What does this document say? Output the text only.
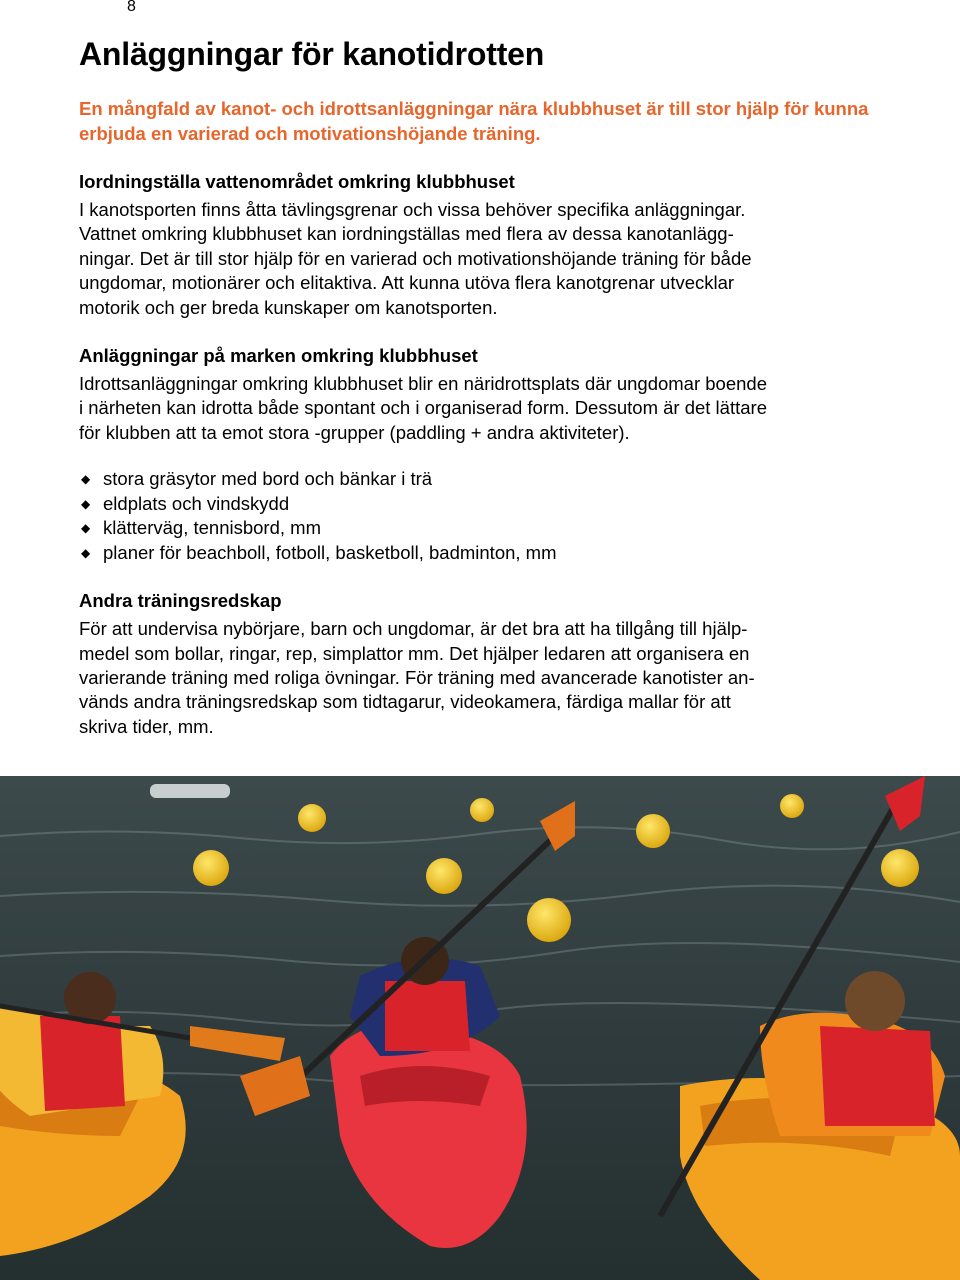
8
Anläggningar för kanotidrotten

En mångfald av kanot- och idrottsanläggningar nära klubbhuset är till stor hjälp för kunna erbjuda en varierad och motivationshöjande träning.

Iordningställa vattenområdet omkring klubbhuset

I kanotsporten finns åtta tävlingsgrenar och vissa behöver specifika anläggningar.
Vattnet omkring klubbhuset kan iordningställas med flera av dessa kanotanlägg-
ningar. Det är till stor hjälp för en varierad och motivationshöjande träning för både
ungdomar, motionärer och elitaktiva. Att kunna utöva flera kanotgrenar utvecklar
motorik och ger breda kunskaper om kanotsporten.

Anläggningar på marken omkring klubbhuset

Idrottsanläggningar omkring klubbhuset blir en näridrottsplats där ungdomar boende
i närheten kan idrotta både spontant och i organiserad form. Dessutom är det lättare
för klubben att ta emot stora -grupper (paddling + andra aktiviteter).

◆ stora gräsytor med bord och bänkar i trä
◆ eldplats och vindskydd
◆ klätterväg, tennisbord, mm
◆ planer för beachboll, fotboll, basketboll, badminton, mm
Andra träningsredskap

För att undervisa nybörjare, barn och ungdomar, är det bra att ha tillgång till hjälp-
medel som bollar, ringar, rep, simplattor mm. Det hjälper ledaren att organisera en
varierande träning med roliga övningar. För träning med avancerade kanotister an-
vänds andra träningsredskap som tidtagarur, videokamera, färdiga mallar för att
skriva tider, mm.
